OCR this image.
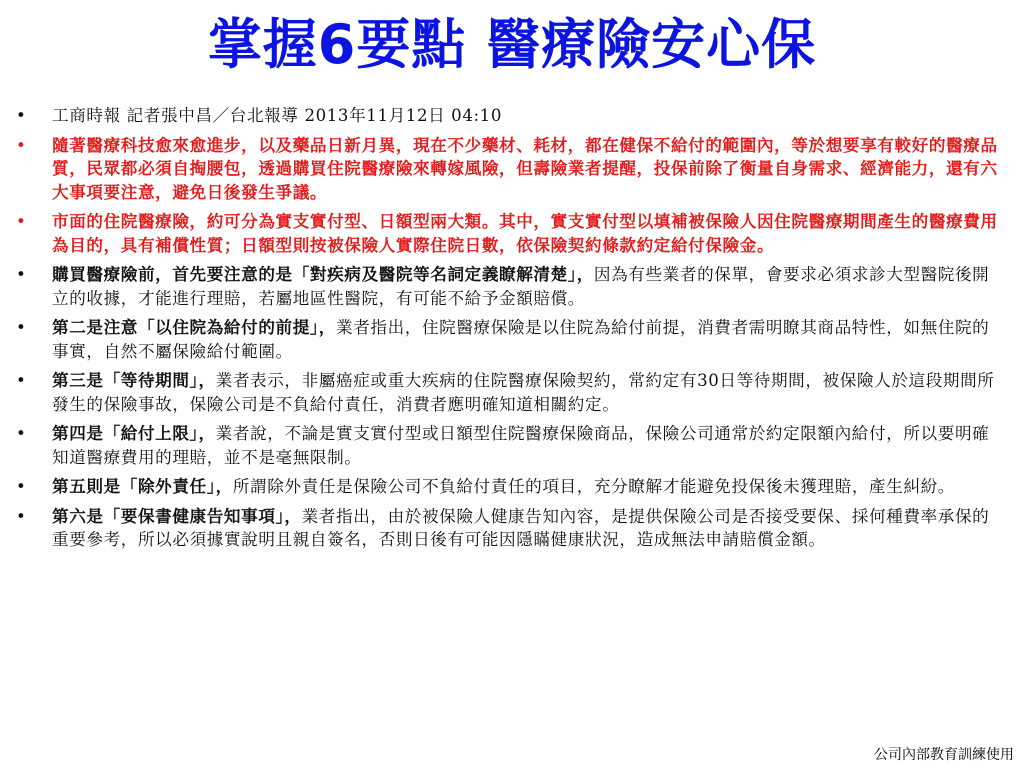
掌握6要點 醫療險安心保
• 工商時報 記者張中昌／台北報導 2013年11月12日 04:10
• 隨著醫療科技愈來愈進步，以及藥品日新月異，現在不少藥材、耗材，都在健保不給付的範圍內，等於想要享有較好的醫療品質，民眾都必須自掏腰包，透過購買住院醫療險來轉嫁風險，但壽險業者提醒，投保前除了衡量自身需求、經濟能力，還有六大事項要注意，避免日後發生爭議。
• 市面的住院醫療險，約可分為實支實付型、日額型兩大類。其中，實支實付型以填補被保險人因住院醫療期間產生的醫療費用為目的，具有補償性質；日額型則按被保險人實際住院日數，依保險契約條款約定給付保險金。
• 購買醫療險前，首先要注意的是「對疾病及醫院等名詞定義瞭解清楚」，因為有些業者的保單，會要求必須求診大型醫院後開立的收據，才能進行理賠，若屬地區性醫院，有可能不給予金額賠償。
• 第二是注意「以住院為給付的前提」，業者指出，住院醫療保險是以住院為給付前提，消費者需明瞭其商品特性，如無住院的事實，自然不屬保險給付範圍。
• 第三是「等待期間」，業者表示，非屬癌症或重大疾病的住院醫療保險契約，常約定有30日等待期間，被保險人於這段期間所發生的保險事故，保險公司是不負給付責任，消費者應明確知道相關約定。
• 第四是「給付上限」，業者說，不論是實支實付型或日額型住院醫療保險商品，保險公司通常於約定限額內給付，所以要明確知道醫療費用的理賠，並不是毫無限制。
• 第五則是「除外責任」，所謂除外責任是保險公司不負給付責任的項目，充分瞭解才能避免投保後未獲理賠，產生糾紛。
• 第六是「要保書健康告知事項」，業者指出，由於被保險人健康告知內容，是提供保險公司是否接受要保、採何種費率承保的重要參考，所以必須據實說明且親自簽名，否則日後有可能因隱瞞健康狀況，造成無法申請賠償金額。
公司內部教育訓練使用
